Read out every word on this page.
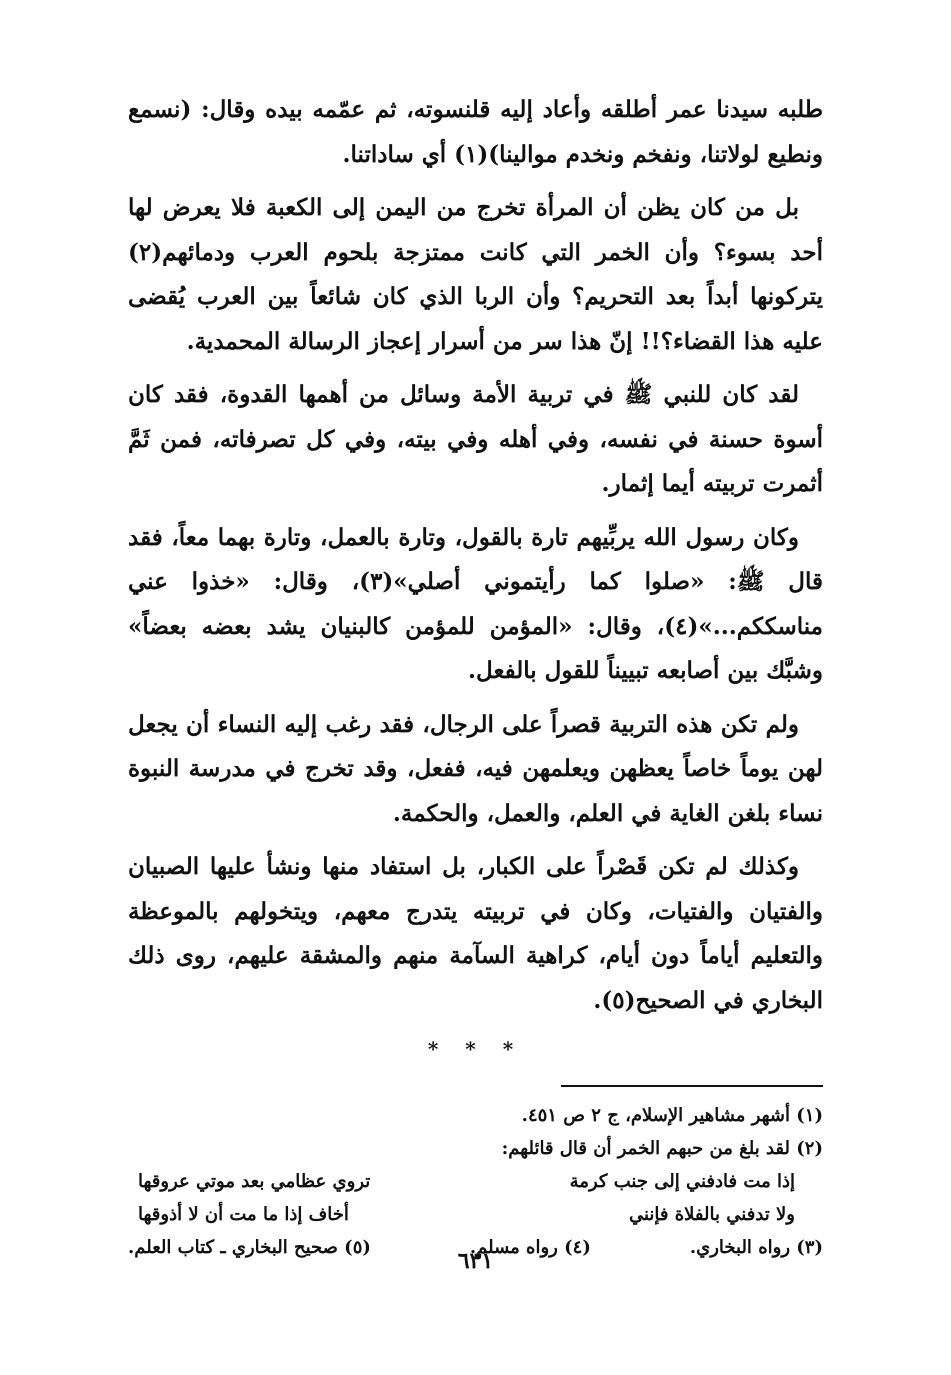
طلبه سيدنا عمر أطلقه وأعاد إليه قلنسوته، ثم عمّمه بيده وقال: (نسمع ونطيع لولاتنا، ونفخم ونخدم موالينا)(١) أي ساداتنا.

بل من كان يظن أن المرأة تخرج من اليمن إلى الكعبة فلا يعرض لها أحد بسوء؟ وأن الخمر التي كانت ممتزجة بلحوم العرب ودمائهم(٢) يتركونها أبداً بعد التحريم؟ وأن الربا الذي كان شائعاً بين العرب يُقضى عليه هذا القضاء؟!! إنّ هذا سر من أسرار إعجاز الرسالة المحمدية.

لقد كان للنبي ﷺ في تربية الأمة وسائل من أهمها القدوة، فقد كان أسوة حسنة في نفسه، وفي أهله وفي بيته، وفي كل تصرفاته، فمن ثَمَّ أثمرت تربيته أيما إثمار.

وكان رسول الله يربِّيهم تارة بالقول، وتارة بالعمل، وتارة بهما معاً، فقد قال ﷺ: «صلوا كما رأيتموني أصلي»(٣)، وقال: «خذوا عني مناسككم...»(٤)، وقال: «المؤمن للمؤمن كالبنيان يشد بعضه بعضاً» وشبَّك بين أصابعه تبييناً للقول بالفعل.

ولم تكن هذه التربية قصراً على الرجال، فقد رغب إليه النساء أن يجعل لهن يوماً خاصاً يعظهن ويعلمهن فيه، ففعل، وقد تخرج في مدرسة النبوة نساء بلغن الغاية في العلم، والعمل، والحكمة.

وكذلك لم تكن قَصْراً على الكبار، بل استفاد منها ونشأ عليها الصبيان والفتيان والفتيات، وكان في تربيته يتدرج معهم، ويتخولهم بالموعظة والتعليم أياماً دون أيام، كراهية السآمة منهم والمشقة عليهم، روى ذلك البخاري في الصحيح(٥).

* * *
(١) أشهر مشاهير الإسلام، ج ٢ ص ٤٥١.
(٢) لقد بلغ من حبهم الخمر أن قال قائلهم:
إذا مت فادفني إلى جنب كرمة
تروي عظامي بعد موتي عروقها
ولا تدفني بالفلاة فإنني
أخاف إذا ما مت أن لا أذوقها
(٣) رواه البخاري.
(٤) رواه مسلم.
(٥) صحيح البخاري ـ كتاب العلم.
٦٣١
